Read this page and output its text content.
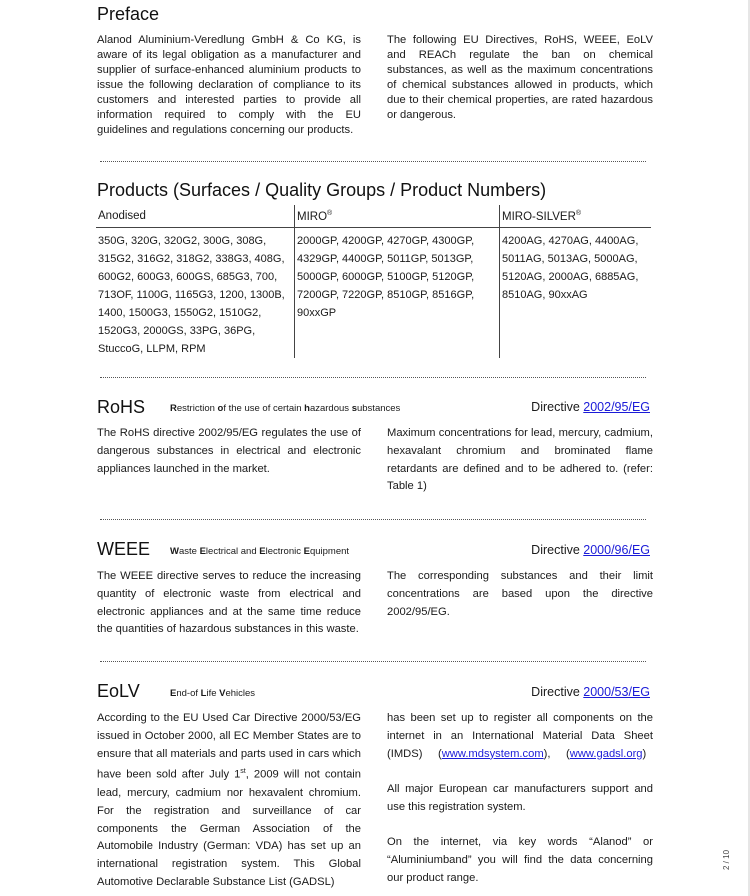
Preface

Alanod Aluminium-Veredlung GmbH & Co KG, is aware of its legal obligation as a manufacturer and supplier of surface-enhanced aluminium products to issue the following declaration of compliance to its customers and interested parties to provide all information required to comply with the EU guidelines and regulations concerning our products.

The following EU Directives, RoHS, WEEE, EoLV and REACh regulate the ban on chemical substances, as well as the maximum concentrations of chemical substances allowed in products, which due to their chemical properties, are rated hazardous or dangerous.

Products (Surfaces / Quality Groups / Product Numbers)
Anodised	MIRO®	MIRO-SILVER®
350G, 320G, 320G2, 300G, 308G, 315G2, 316G2, 318G2, 338G3, 408G, 600G2, 600G3, 600GS, 685G3, 700, 713OF, 1100G, 1165G3, 1200, 1300B, 1400, 1500G3, 1550G2, 1510G2, 1520G3, 2000GS, 33PG, 36PG, StuccoG, LLPM, RPM	2000GP, 4200GP, 4270GP, 4300GP, 4329GP, 4400GP, 5011GP, 5013GP, 5000GP, 6000GP, 5100GP, 5120GP, 7200GP, 7220GP, 8510GP, 8516GP, 90xxGP	4200AG, 4270AG, 4400AG, 5011AG, 5013AG, 5000AG, 5120AG, 2000AG, 6885AG, 8510AG, 90xxAG
RoHS	Restriction of the use of certain hazardous substances	Directive 2002/95/EG

The RoHS directive 2002/95/EG regulates the use of dangerous substances in electrical and electronic appliances launched in the market.

Maximum concentrations for lead, mercury, cadmium, hexavalant chromium and brominated flame retardants are defined and to be adhered to. (refer: Table 1)

WEEE Waste Electrical and Electronic Equipment	Directive 2000/96/EG

The WEEE directive serves to reduce the increasing quantity of electronic waste from electrical and electronic appliances and at the same time reduce the quantities of hazardous substances in this waste.

The corresponding substances and their limit concentrations are based upon the directive 2002/95/EG.

EoLV	End-of Life Vehicles	Directive 2000/53/EG

According to the EU Used Car Directive 2000/53/EG issued in October 2000, all EC Member States are to ensure that all materials and parts used in cars which have been sold after July 1st, 2009 will not contain lead, mercury, cadmium nor hexavalent chromium. For the registration and surveillance of car components the German Association of the Automobile Industry (German: VDA) has set up an international registration system. This Global Automotive Declarable Substance List (GADSL)

has been set up to register all components on the internet in an International Material Data Sheet (IMDS)     (www.mdsystem.com),     (www.gadsl.org)

All major European car manufacturers support and use this registration system.

On the internet, via key words “Alanod” or “Aluminiumband” you will find the data concerning our product range.

2 / 10
